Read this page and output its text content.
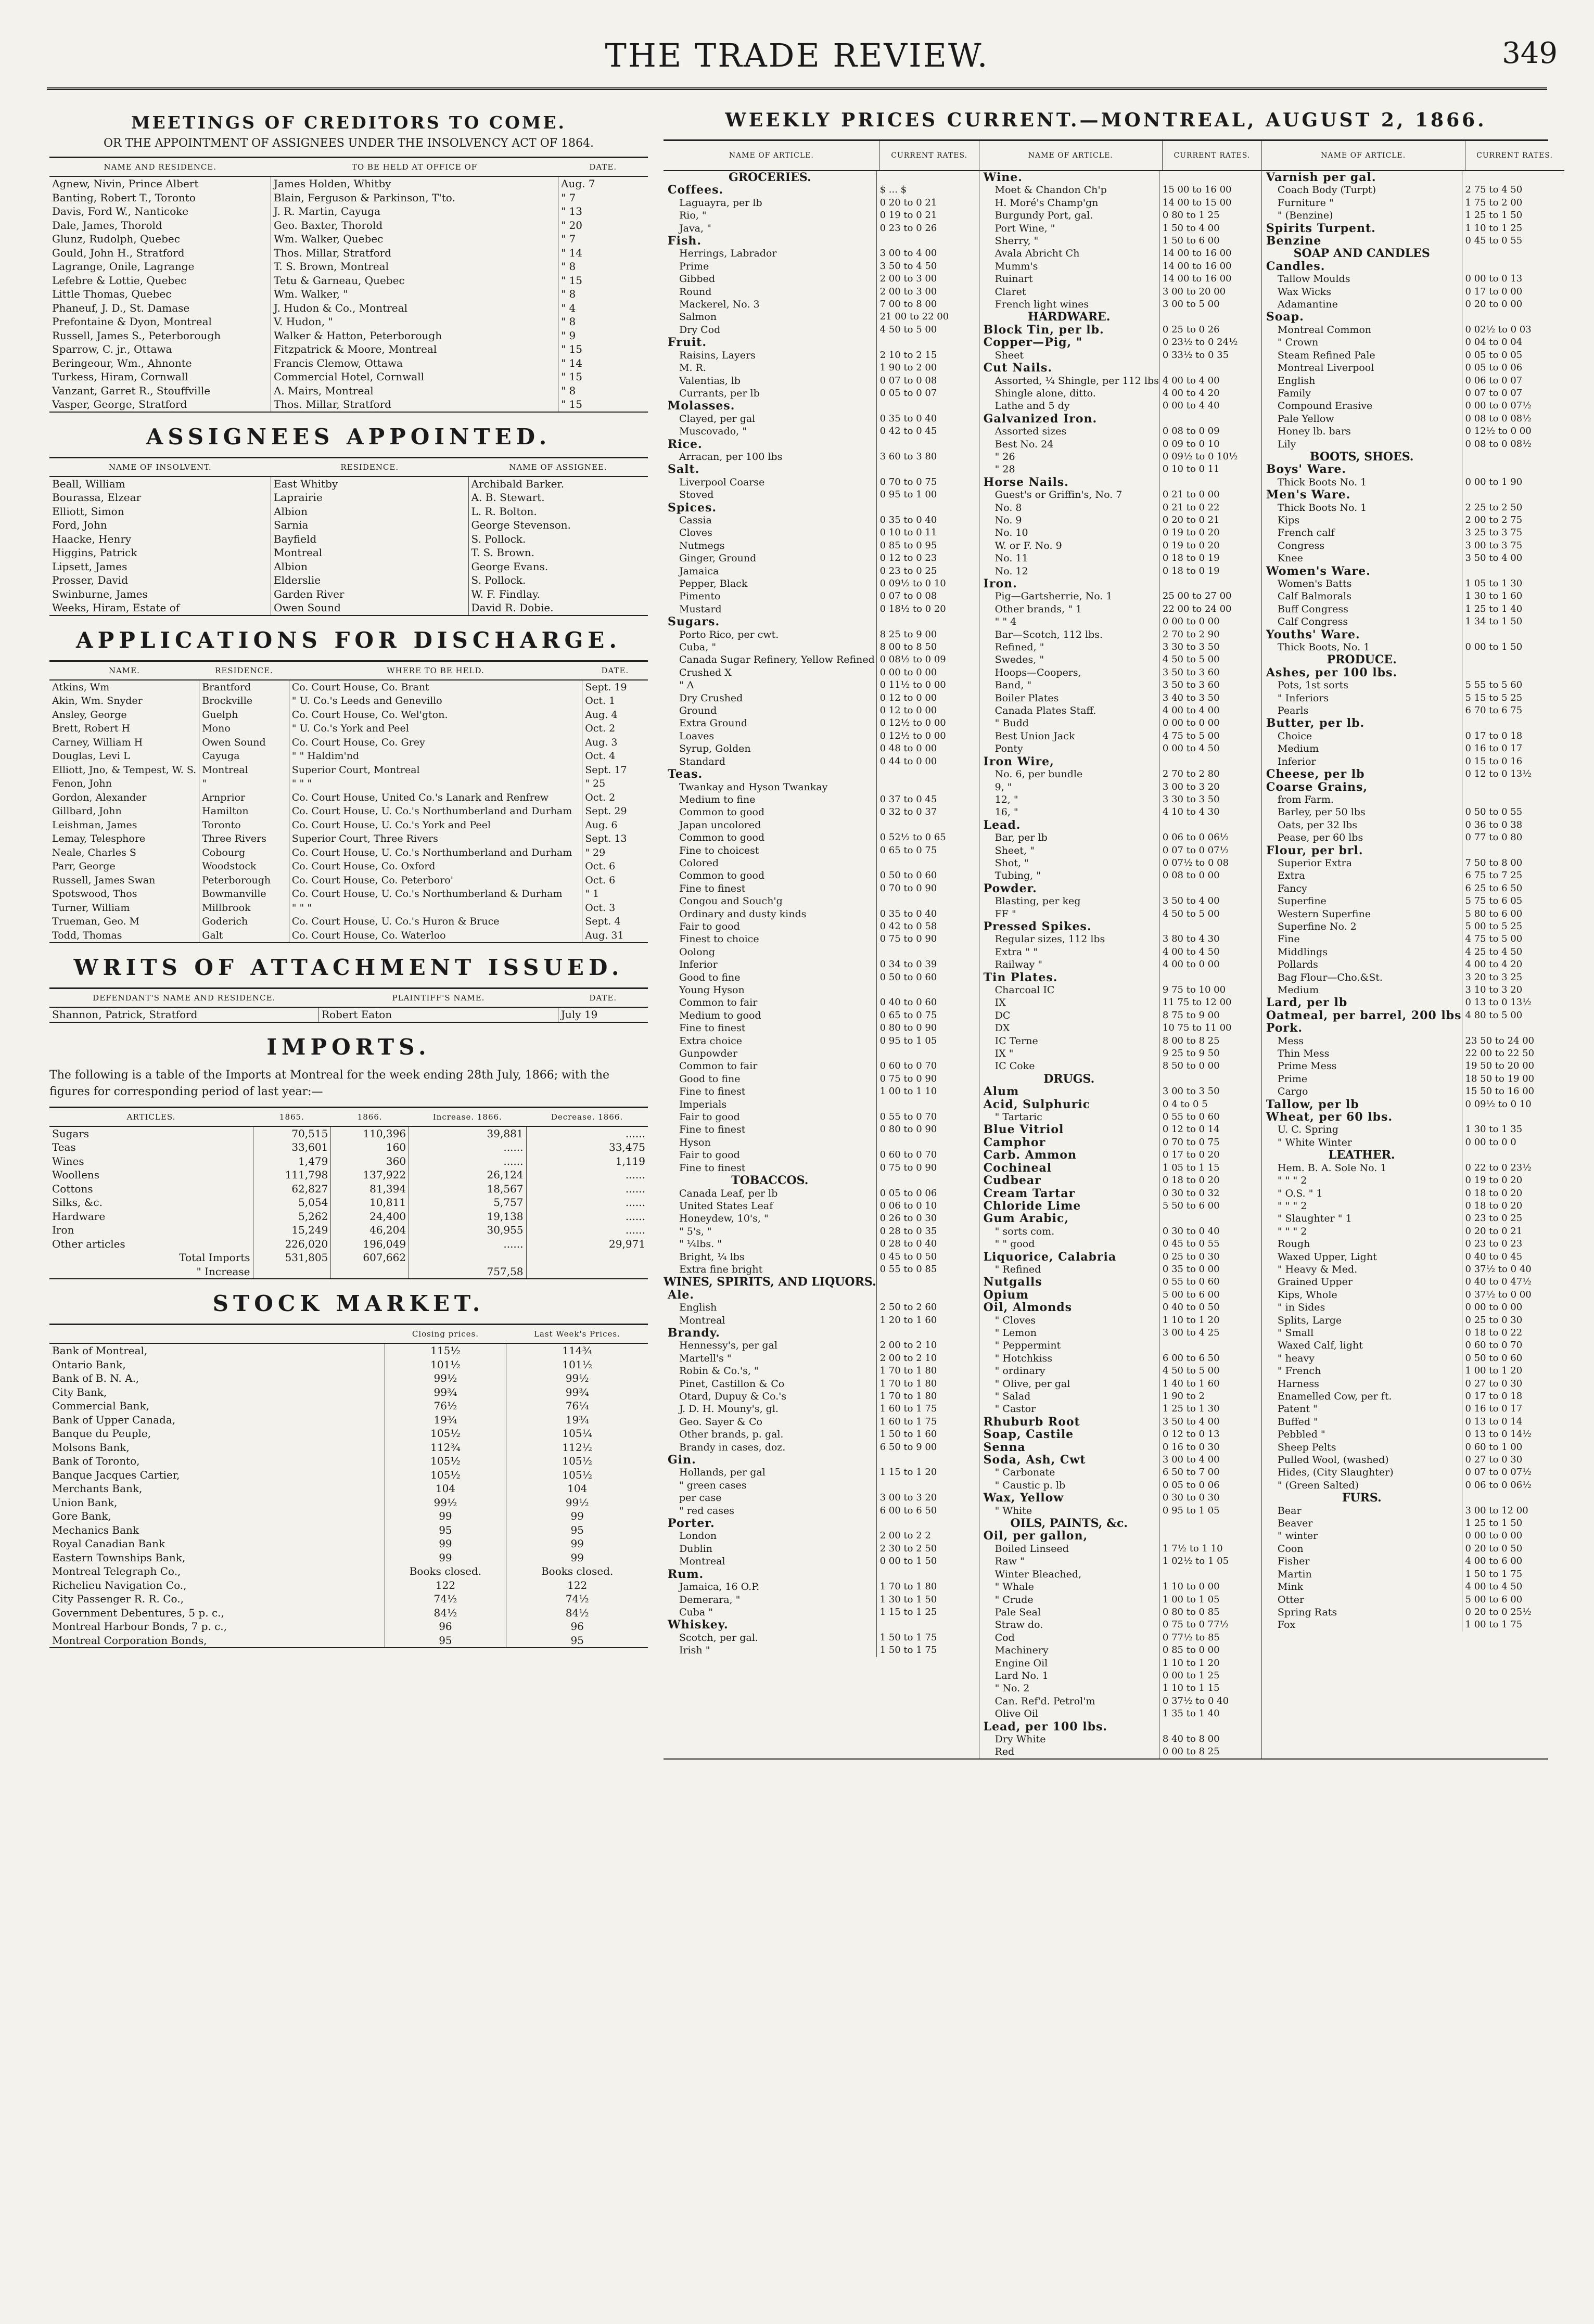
THE TRADE REVIEW.	349
MEETINGS OF CREDITORS TO COME.
OR THE APPOINTMENT OF ASSIGNEES UNDER THE INSOLVENCY ACT OF 1864.
NAME AND RESIDENCE.	TO BE HELD AT OFFICE OF	DATE.
Agnew, Nivin, Prince Albert	James Holden, Whitby	Aug. 7
Banting, Robert T., Toronto	Blain, Ferguson & Parkinson, T'to.	" 7
Davis, Ford W., Nanticoke	J. R. Martin, Cayuga	" 13
Dale, James, Thorold	Geo. Baxter, Thorold	" 20
Glunz, Rudolph, Quebec	Wm. Walker, Quebec	" 7
Gould, John H., Stratford	Thos. Millar, Stratford	" 14
Lagrange, Onile, Lagrange	T. S. Brown, Montreal	" 8
Lefebre & Lottie, Quebec	Tetu & Garneau, Quebec	" 15
Little Thomas, Quebec	Wm. Walker, "	" 8
Phaneuf, J. D., St. Damase	J. Hudon & Co., Montreal	" 4
Prefontaine & Dyon, Montreal	V. Hudon, "	" 8
Russell, James S., Peterborough	Walker & Hatton, Peterborough	" 9
Sparrow, C. jr., Ottawa	Fitzpatrick & Moore, Montreal	" 15
Beringeour, Wm., Ahnonte	Francis Clemow, Ottawa	" 14
Turkess, Hiram, Cornwall	Commercial Hotel, Cornwall	" 15
Vanzant, Garret R., Stouffville	A. Mairs, Montreal	" 8
Vasper, George, Stratford	Thos. Millar, Stratford	" 15
ASSIGNEES APPOINTED.
NAME OF INSOLVENT.	RESIDENCE.	NAME OF ASSIGNEE.
Beall, William	East Whitby	Archibald Barker.
Bourassa, Elzear	Laprairie	A. B. Stewart.
Elliott, Simon	Albion	L. R. Bolton.
Ford, John	Sarnia	George Stevenson.
Haacke, Henry	Bayfield	S. Pollock.
Higgins, Patrick	Montreal	T. S. Brown.
Lipsett, James	Albion	George Evans.
Prosser, David	Elderslie	S. Pollock.
Swinburne, James	Garden River	W. F. Findlay.
Weeks, Hiram, Estate of	Owen Sound	David R. Dobie.
APPLICATIONS FOR DISCHARGE.
NAME.	RESIDENCE.	WHERE TO BE HELD.	DATE.
Atkins, Wm	Brantford	Co. Court House, Co. Brant	Sept. 19
Akin, Wm. Snyder	Brockville	" U. Co.'s Leeds and Genevillo	Oct. 1
Ansley, George	Guelph	Co. Court House, Co. Wel'gton.	Aug. 4
Brett, Robert H	Mono	" U. Co.'s York and Peel	Oct. 2
Carney, William H	Owen Sound	Co. Court House, Co. Grey	Aug. 3
Douglas, Levi L	Cayuga	" " Haldim'nd	Oct. 4
Elliott, Jno, & Tempest, W. S.	Montreal	Superior Court, Montreal	Sept. 17
Fenon, John	"	" " "	" 25
Gordon, Alexander	Arnprior	Co. Court House, United Co.'s Lanark and Renfrew	Oct. 2
Gillbard, John	Hamilton	Co. Court House, U. Co.'s Northumberland and Durham	Sept. 29
Leishman, James	Toronto	Co. Court House, U. Co.'s York and Peel	Aug. 6
Lemay, Telesphore	Three Rivers	Superior Court, Three Rivers	Sept. 13
Neale, Charles S	Cobourg	Co. Court House, U. Co.'s Northumberland and Durham	" 29
Parr, George	Woodstock	Co. Court House, Co. Oxford	Oct. 6
Russell, James Swan	Peterborough	Co. Court House, Co. Peterboro'	Oct. 6
Spotswood, Thos	Bowmanville	Co. Court House, U. Co.'s Northumberland & Durham	" 1
Turner, William	Millbrook	" " "	Oct. 3
Trueman, Geo. M	Goderich	Co. Court House, U. Co.'s Huron & Bruce	Sept. 4
Todd, Thomas	Galt	Co. Court House, Co. Waterloo	Aug. 31
WRITS OF ATTACHMENT ISSUED.
DEFENDANT'S NAME AND RESIDENCE.	PLAINTIFF'S NAME.	DATE.
Shannon, Patrick, Stratford	Robert Eaton	July 19
IMPORTS.
The following is a table of the Imports at Montreal for the week ending 28th July, 1866; with the figures for corresponding period of last year:—
ARTICLES.	1865.	1866.	Increase. 1866.	Decrease. 1866.
Sugars	70,515	110,396	39,881	......
Teas	33,601	160	......	33,475
Wines	1,479	360	......	1,119
Woollens	111,798	137,922	26,124	......
Cottons	62,827	81,394	18,567	......
Silks, &c.	5,054	10,811	5,757	......
Hardware	5,262	24,400	19,138	......
Iron	15,249	46,204	30,955	......
Other articles	226,020	196,049	......	29,971
Total Imports	531,805	607,662		
" Increase			757,58	
STOCK MARKET.
	Closing prices.	Last Week's Prices.
Bank of Montreal,	115½	114¾
Ontario Bank,	101½	101½
Bank of B. N. A.,	99½	99½
City Bank,	99¾	99¾
Commercial Bank,	76½	76¼
Bank of Upper Canada,	19¾	19¾
Banque du Peuple,	105½	105¼
Molsons Bank,	112¾	112½
Bank of Toronto,	105½	105½
Banque Jacques Cartier,	105½	105½
Merchants Bank,	104	104
Union Bank,	99½	99½
Gore Bank,	99	99
Mechanics Bank	95	95
Royal Canadian Bank	99	99
Eastern Townships Bank,	99	99
Montreal Telegraph Co.,	Books closed.	Books closed.
Richelieu Navigation Co.,	122	122
City Passenger R. R. Co.,	74½	74½
Government Debentures, 5 p. c.,	84½	84½
Montreal Harbour Bonds, 7 p. c.,	96	96
Montreal Corporation Bonds,	95	95
WEEKLY PRICES CURRENT.—MONTREAL, AUGUST 2, 1866.
NAME OF ARTICLE.	CURRENT RATES.
GROCERIES.
Coffees.	$ ... $
Laguayra, per lb	0 20 to 0 21
Rio, "	0 19 to 0 21
Java, "	0 23 to 0 26
Fish.
Herrings, Labrador	3 00 to 4 00
Prime	3 50 to 4 50
Gibbed	2 00 to 3 00
Round	2 00 to 3 00
Mackerel, No. 3	7 00 to 8 00
Salmon	21 00 to 22 00
Dry Cod	4 50 to 5 00
Fruit.
Raisins, Layers	2 10 to 2 15
M. R.	1 90 to 2 00
Valentias, lb	0 07 to 0 08
Currants, per lb	0 05 to 0 07
Molasses.
Clayed, per gal	0 35 to 0 40
Muscovado, "	0 42 to 0 45
Rice.
Arracan, per 100 lbs	3 60 to 3 80
Salt.
Liverpool Coarse	0 70 to 0 75
Stoved	0 95 to 1 00
Spices.
Cassia	0 35 to 0 40
Cloves	0 10 to 0 11
Nutmegs	0 85 to 0 95
Ginger, Ground	0 12 to 0 23
Jamaica	0 23 to 0 25
Pepper, Black	0 09½ to 0 10
Pimento	0 07 to 0 08
Mustard	0 18½ to 0 20
Sugars.
Porto Rico, per cwt.	8 25 to 9 00
Cuba, "	8 00 to 8 50
Canada Sugar Refinery, Yellow Refined 0 08½ to 0 09
Crushed X	0 00 to 0 00
" A	0 11½ to 0 00
Dry Crushed	0 12 to 0 00
Ground	0 12 to 0 00
Extra Ground	0 12½ to 0 00
Loaves	0 12½ to 0 00
Syrup, Golden	0 48 to 0 00
Standard	0 44 to 0 00
Teas.
Twankay and Hyson Twankay
Medium to fine	0 37 to 0 45
Common to good	0 32 to 0 37
Japan uncolored
Common to good	0 52½ to 0 65
Fine to choicest	0 65 to 0 75
Colored
Common to good	0 50 to 0 60
Fine to finest	0 70 to 0 90
Congou and Souch'g
Ordinary and dusty kinds	0 35 to 0 40
Fair to good	0 42 to 0 58
Finest to choice	0 75 to 0 90
Oolong
Inferior	0 34 to 0 39
Good to fine	0 50 to 0 60
Young Hyson
Common to fair	0 40 to 0 60
Medium to good	0 65 to 0 75
Fine to finest	0 80 to 0 90
Extra choice	0 95 to 1 05
Gunpowder
Common to fair	0 60 to 0 70
Good to fine	0 75 to 0 90
Fine to finest	1 00 to 1 10
Imperials
Fair to good	0 55 to 0 70
Fine to finest	0 80 to 0 90
Hyson
Fair to good	0 60 to 0 70
Fine to finest	0 75 to 0 90
TOBACCOS.
Canada Leaf, per lb	0 05 to 0 06
United States Leaf	0 06 to 0 10
Honeydew, 10's, "	0 26 to 0 30
" 5's, "	0 28 to 0 35
" ¼lbs. "	0 28 to 0 40
Bright, ¼ lbs	0 45 to 0 50
Extra fine bright	0 55 to 0 85
WINES, SPIRITS, AND LIQUORS.
Ale.
English	2 50 to 2 60
Montreal	1 20 to 1 60
Brandy.
Hennessy's, per gal	2 00 to 2 10
Martell's "	2 00 to 2 10
Robin & Co.'s, "	1 70 to 1 80
Pinet, Castillon & Co	1 70 to 1 80
Otard, Dupuy & Co.'s	1 70 to 1 80
J. D. H. Mouny's, gl.	1 60 to 1 75
Geo. Sayer & Co	1 60 to 1 75
Other brands, p. gal.	1 50 to 1 60
Brandy in cases, doz.	6 50 to 9 00
Gin.
Hollands, per gal	1 15 to 1 20
" green cases
per case	3 00 to 3 20
" red cases	6 00 to 6 50
Porter.
London	2 00 to 2 2
Dublin	2 30 to 2 50
Montreal	0 00 to 1 50
Rum.
Jamaica, 16 O.P.	1 70 to 1 80
Demerara, "	1 30 to 1 50
Cuba "	1 15 to 1 25
Whiskey.
Scotch, per gal.	1 50 to 1 75
Irish "	1 50 to 1 75
NAME OF ARTICLE.	CURRENT RATES.
Wine.
Moet & Chandon Ch'p	15 00 to 16 00
H. Moré's Champ'gn	14 00 to 15 00
Burgundy Port, gal.	0 80 to 1 25
Port Wine, "	1 50 to 4 00
Sherry, "	1 50 to 6 00
Avala Abricht Ch	14 00 to 16 00
Mumm's	14 00 to 16 00
Ruinart	14 00 to 16 00
Claret	3 00 to 20 00
French light wines	3 00 to 5 00
HARDWARE.
Block Tin, per lb.	0 25 to 0 26
Copper—Pig, "	0 23½ to 0 24½
Sheet	0 33½ to 0 35
Cut Nails.
Assorted, ¼ Shingle, per 112 lbs 4 00 to 4 00
Shingle alone, ditto.	4 00 to 4 20
Lathe and 5 dy	0 00 to 4 40
Galvanized Iron.
Assorted sizes	0 08 to 0 09
Best No. 24	0 09 to 0 10
" 26	0 09½ to 0 10½
" 28	0 10 to 0 11
Horse Nails.
Guest's or Griffin's, No. 7	0 21 to 0 00
No. 8	0 21 to 0 22
No. 9	0 20 to 0 21
No. 10	0 19 to 0 20
W. or F. No. 9	0 19 to 0 20
No. 11	0 18 to 0 19
No. 12	0 18 to 0 19
Iron.
Pig—Gartsherrie, No. 1	25 00 to 27 00
Other brands, " 1	22 00 to 24 00
" " 4	0 00 to 0 00
Bar—Scotch, 112 lbs.	2 70 to 2 90
Refined, "	3 30 to 3 50
Swedes, "	4 50 to 5 00
Hoops—Coopers,	3 50 to 3 60
Band, "	3 50 to 3 60
Boiler Plates	3 40 to 3 50
Canada Plates Staff.	4 00 to 4 00
" Budd	0 00 to 0 00
Best Union Jack	4 75 to 5 00
Ponty	0 00 to 4 50
Iron Wire,
No. 6, per bundle	2 70 to 2 80
9, "	3 00 to 3 20
12, "	3 30 to 3 50
16, "	4 10 to 4 30
Lead.
Bar, per lb	0 06 to 0 06½
Sheet, "	0 07 to 0 07½
Shot, "	0 07½ to 0 08
Tubing, "	0 08 to 0 00
Powder.
Blasting, per keg	3 50 to 4 00
FF "	4 50 to 5 00
Pressed Spikes.
Regular sizes, 112 lbs	3 80 to 4 30
Extra " "	4 00 to 4 50
Railway "	4 00 to 0 00
Tin Plates.
Charcoal IC	9 75 to 10 00
IX	11 75 to 12 00
DC	8 75 to 9 00
DX	10 75 to 11 00
IC Terne	8 00 to 8 25
IX "	9 25 to 9 50
IC Coke	8 50 to 0 00
DRUGS.
Alum	3 00 to 3 50
Acid, Sulphuric	0 4 to 0 5
" Tartaric	0 55 to 0 60
Blue Vitriol	0 12 to 0 14
Camphor	0 70 to 0 75
Carb. Ammon	0 17 to 0 20
Cochineal	1 05 to 1 15
Cudbear	0 18 to 0 20
Cream Tartar	0 30 to 0 32
Chloride Lime	5 50 to 6 00
Gum Arabic,
" sorts com.	0 30 to 0 40
" " good	0 45 to 0 55
Liquorice, Calabria	0 25 to 0 30
" Refined	0 35 to 0 00
Nutgalls	0 55 to 0 60
Opium	5 00 to 6 00
Oil, Almonds	0 40 to 0 50
" Cloves	1 10 to 1 20
" Lemon	3 00 to 4 25
" Peppermint
" Hotchkiss	6 00 to 6 50
" ordinary	4 50 to 5 00
" Olive, per gal	1 40 to 1 60
" Salad	1 90 to 2
" Castor	1 25 to 1 30
Rhuburb Root	3 50 to 4 00
Soap, Castile	0 12 to 0 13
Senna	0 16 to 0 30
Soda, Ash, Cwt	3 00 to 4 00
" Carbonate	6 50 to 7 00
" Caustic p. lb	0 05 to 0 06
Wax, Yellow	0 30 to 0 30
" White	0 95 to 1 05
OILS, PAINTS, &c.
Oil, per gallon,
Boiled Linseed	1 7½ to 1 10
Raw "	1 02½ to 1 05
Winter Bleached,
" Whale	1 10 to 0 00
" Crude	1 00 to 1 05
Pale Seal	0 80 to 0 85
Straw do.	0 75 to 0 77½
Cod	0 77½ to 85
Machinery	0 85 to 0 00
Engine Oil	1 10 to 1 20
Lard No. 1	0 00 to 1 25
" No. 2	1 10 to 1 15
Can. Ref'd. Petrol'm	0 37½ to 0 40
Olive Oil	1 35 to 1 40
Lead, per 100 lbs.
Dry White	8 40 to 8 00
Red	0 00 to 8 25
NAME OF ARTICLE.	CURRENT RATES.
Varnish per gal.
Coach Body (Turpt)	2 75 to 4 50
Furniture "	1 75 to 2 00
" (Benzine)	1 25 to 1 50
Spirits Turpent.	1 10 to 1 25
Benzine	0 45 to 0 55
SOAP AND CANDLES
Candles.
Tallow Moulds	0 00 to 0 13
Wax Wicks	0 17 to 0 00
Adamantine	0 20 to 0 00
Soap.
Montreal Common	0 02½ to 0 03
" Crown	0 04 to 0 04
Steam Refined Pale	0 05 to 0 05
Montreal Liverpool	0 05 to 0 06
English	0 06 to 0 07
Family	0 07 to 0 07
Compound Erasive	0 00 to 0 07½
Pale Yellow	0 08 to 0 08½
Honey lb. bars	0 12½ to 0 00
Lily	0 08 to 0 08½
BOOTS, SHOES.
Boys' Ware.
Thick Boots No. 1	0 00 to 1 90
Men's Ware.
Thick Boots No. 1	2 25 to 2 50
Kips	2 00 to 2 75
French calf	3 25 to 3 75
Congress	3 00 to 3 75
Knee	3 50 to 4 00
Women's Ware.
Women's Batts	1 05 to 1 30
Calf Balmorals	1 30 to 1 60
Buff Congress	1 25 to 1 40
Calf Congress	1 34 to 1 50
Youths' Ware.
Thick Boots, No. 1	0 00 to 1 50
PRODUCE.
Ashes, per 100 lbs.
Pots, 1st sorts	5 55 to 5 60
" Inferiors	5 15 to 5 25
Pearls	6 70 to 6 75
Butter, per lb.
Choice	0 17 to 0 18
Medium	0 16 to 0 17
Inferior	0 15 to 0 16
Cheese, per lb	0 12 to 0 13½
Coarse Grains,
from Farm.
Barley, per 50 lbs	0 50 to 0 55
Oats, per 32 lbs	0 36 to 0 38
Pease, per 60 lbs	0 77 to 0 80
Flour, per brl.
Superior Extra	7 50 to 8 00
Extra	6 75 to 7 25
Fancy	6 25 to 6 50
Superfine	5 75 to 6 05
Western Superfine	5 80 to 6 00
Superfine No. 2	5 00 to 5 25
Fine	4 75 to 5 00
Middlings	4 25 to 4 50
Pollards	4 00 to 4 20
Bag Flour—Cho.&St.	3 20 to 3 25
Medium	3 10 to 3 20
Lard, per lb	0 13 to 0 13½
Oatmeal, per barrel, 200 lbs 4 80 to 5 00
Pork.
Mess	23 50 to 24 00
Thin Mess	22 00 to 22 50
Prime Mess	19 50 to 20 00
Prime	18 50 to 19 00
Cargo	15 50 to 16 00
Tallow, per lb	0 09½ to 0 10
Wheat, per 60 lbs.
U. C. Spring	1 30 to 1 35
" White Winter	0 00 to 0 0
LEATHER.
Hem. B. A. Sole No. 1	0 22 to 0 23½
" " " 2	0 19 to 0 20
" O.S. " 1	0 18 to 0 20
" " " 2	0 18 to 0 20
" Slaughter " 1	0 23 to 0 25
" " " 2	0 20 to 0 21
Rough	0 23 to 0 23
Waxed Upper, Light	0 40 to 0 45
" Heavy & Med.	0 37½ to 0 40
Grained Upper	0 40 to 0 47½
Kips, Whole	0 37½ to 0 00
" in Sides	0 00 to 0 00
Splits, Large	0 25 to 0 30
" Small	0 18 to 0 22
Waxed Calf, light	0 60 to 0 70
" heavy	0 50 to 0 60
" French	1 00 to 1 20
Harness	0 27 to 0 30
Enamelled Cow, per ft.	0 17 to 0 18
Patent "	0 16 to 0 17
Buffed "	0 13 to 0 14
Pebbled "	0 13 to 0 14½
Sheep Pelts	0 60 to 1 00
Pulled Wool, (washed)	0 27 to 0 30
Hides, (City Slaughter)	0 07 to 0 07½
" (Green Salted)	0 06 to 0 06½
FURS.
Bear	3 00 to 12 00
Beaver	1 25 to 1 50
" winter	0 00 to 0 00
Coon	0 20 to 0 50
Fisher	4 00 to 6 00
Martin	1 50 to 1 75
Mink	4 00 to 4 50
Otter	5 00 to 6 00
Spring Rats	0 20 to 0 25½
Fox	1 00 to 1 75
